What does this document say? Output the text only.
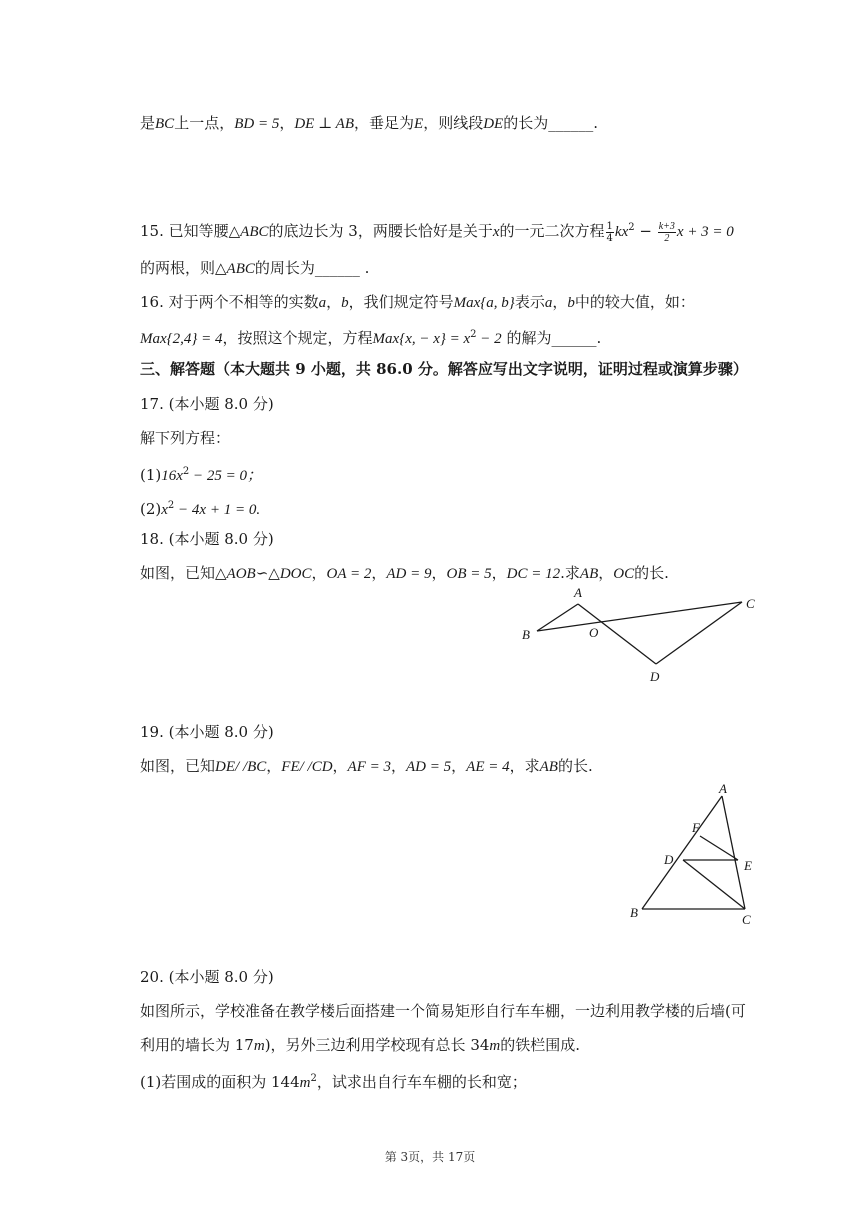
是BC上一点，BD = 5，DE ⊥ AB，垂足为E，则线段DE的长为______.
15. 已知等腰△ABC的底边长为 3，两腰长恰好是关于x的一元二次方程 $\frac{1}{4} kx^2 - \frac{k+3}{2}$ x + 3 = 0
的两根，则△ABC的周长为______ .
16. 对于两个不相等的实数a，b，我们规定符号Max{a, b}表示a，b中的较大值，如：
Max{2,4} = 4，按照这个规定，方程Max{x, − $x\} = x^2 - 2$ 的解为______.
三、解答题（本大题共 9 小题，共 86.0 分。解答应写出文字说明，证明过程或演算步骤）
17. (本小题 8.0 分)
解下列方程：
$(1)16x^2 - 25 = 0$；
$(2)x^2 - 4x + 1 = 0$.
18. (本小题 8.0 分)
如图，已知△AOB∽△DOC，OA = 2，AD = 9，OB = 5，DC = 12.求AB，OC的长.
A
B	O
C
D
19. (本小题 8.0 分)
如图，已知DE/ /BC，FE/ /CD，AF = 3，AD = 5，AE = 4，求AB的长.
A
F
D	E
B	C
20. (本小题 8.0 分)
如图所示，学校准备在教学楼后面搭建一个简易矩形自行车车棚，一边利用教学楼的后墙(可
利用的墙长为 17m)，另外三边利用学校现有总长 34m的铁栏围成.
(1)若围成的面积为 $144m^2$，试求出自行车车棚的长和宽；
第 3页，共 17页
